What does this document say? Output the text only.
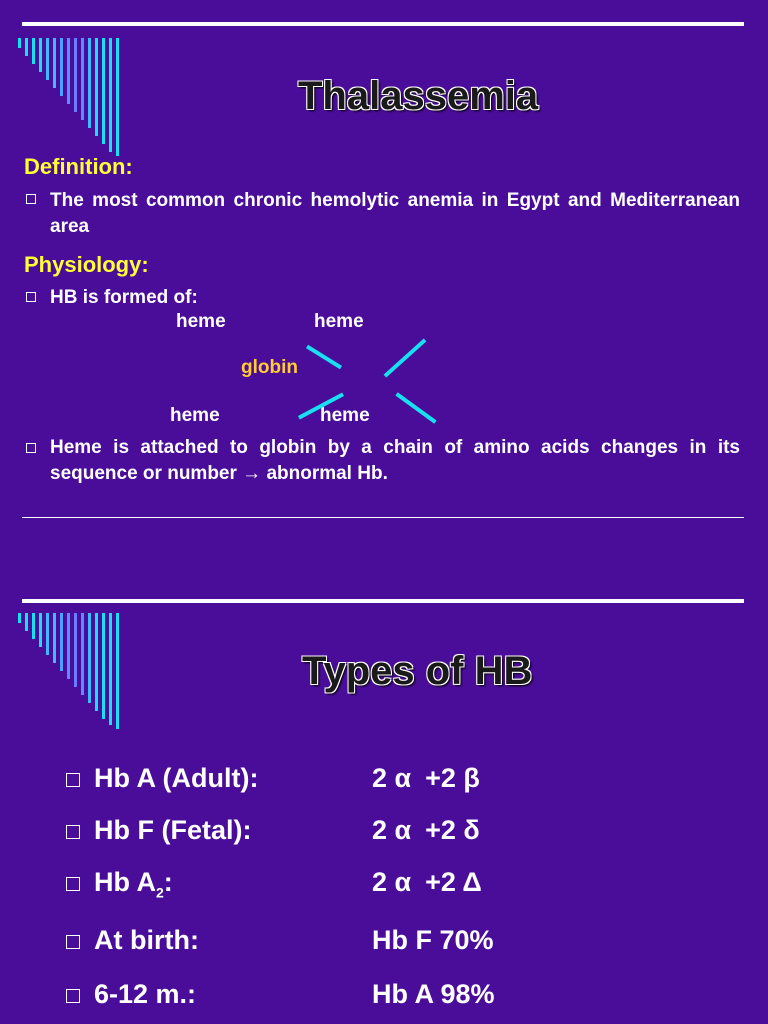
Thalassemia
Definition:
The most common chronic hemolytic anemia in Egypt and Mediterranean area
Physiology:
HB is formed of:
heme	heme
globin
heme	heme
Heme is attached to globin by a chain of amino acids changes in its sequence or number → abnormal Hb.
Types of HB
Hb A (Adult):	2 α +2 β
Hb F (Fetal):	2 α +2 δ
Hb $A_2$:	2 α +2 Δ
At birth:	Hb F 70%
6-12 m.:	Hb A 98%
